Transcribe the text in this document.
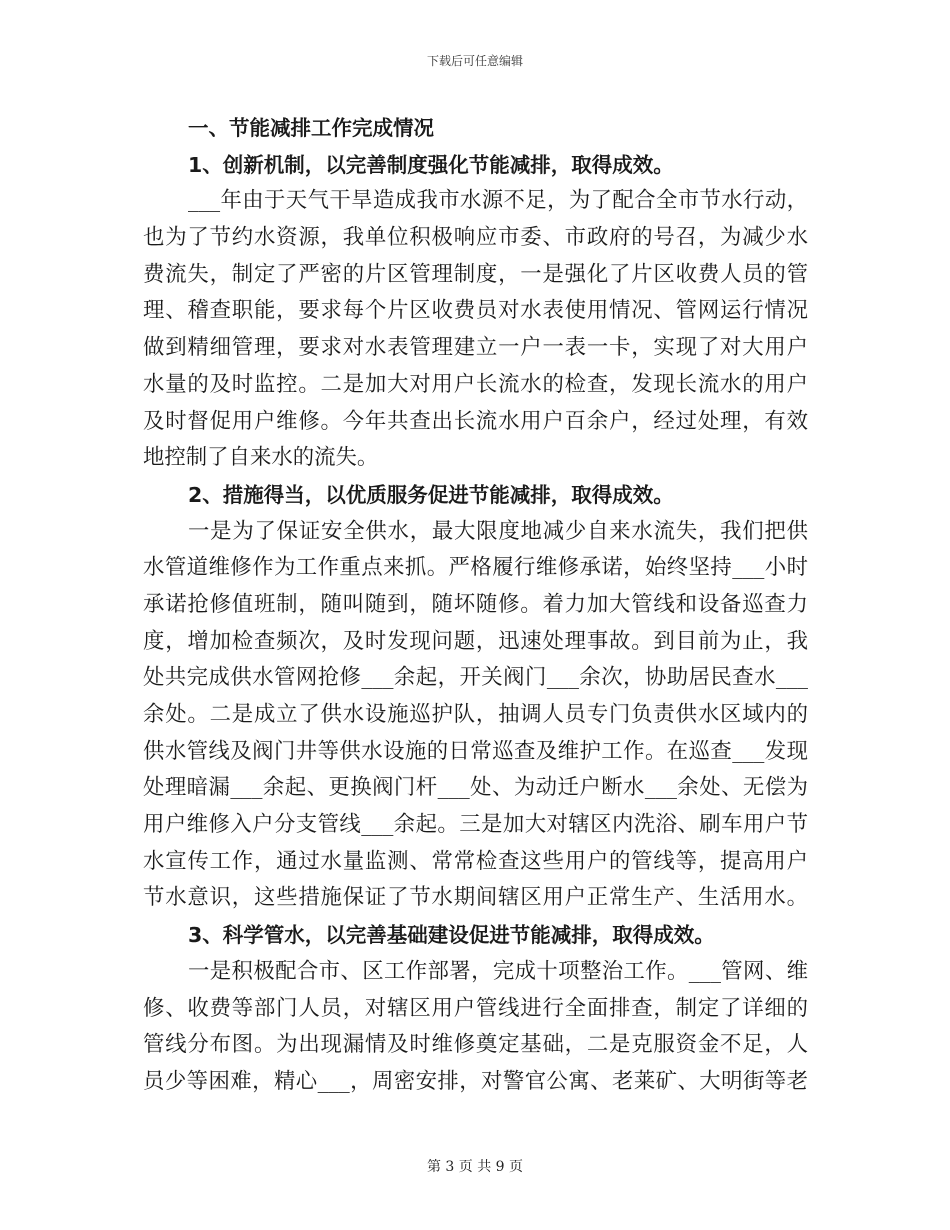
下载后可任意编辑
一、节能减排工作完成情况
1、创新机制，以完善制度强化节能减排，取得成效。
___年由于天气干旱造成我市水源不足，为了配合全市节水行动，
也为了节约水资源，我单位积极响应市委、市政府的号召，为减少水
费流失，制定了严密的片区管理制度，一是强化了片区收费人员的管
理、稽查职能，要求每个片区收费员对水表使用情况、管网运行情况
做到精细管理，要求对水表管理建立一户一表一卡，实现了对大用户
水量的及时监控。二是加大对用户长流水的检查，发现长流水的用户
及时督促用户维修。今年共查出长流水用户百余户，经过处理，有效
地控制了自来水的流失。
2、措施得当，以优质服务促进节能减排，取得成效。
一是为了保证安全供水，最大限度地减少自来水流失，我们把供
水管道维修作为工作重点来抓。严格履行维修承诺，始终坚持___小时
承诺抢修值班制，随叫随到，随坏随修。着力加大管线和设备巡查力
度，增加检查频次，及时发现问题，迅速处理事故。到目前为止，我
处共完成供水管网抢修___余起，开关阀门___余次，协助居民查水___
余处。二是成立了供水设施巡护队，抽调人员专门负责供水区域内的
供水管线及阀门井等供水设施的日常巡查及维护工作。在巡查___发现
处理暗漏___余起、更换阀门杆___处、为动迁户断水___余处、无偿为
用户维修入户分支管线___余起。三是加大对辖区内洗浴、刷车用户节
水宣传工作，通过水量监测、常常检查这些用户的管线等，提高用户
节水意识，这些措施保证了节水期间辖区用户正常生产、生活用水。
3、科学管水，以完善基础建设促进节能减排，取得成效。
一是积极配合市、区工作部署，完成十项整治工作。___管网、维
修、收费等部门人员，对辖区用户管线进行全面排查，制定了详细的
管线分布图。为出现漏情及时维修奠定基础，二是克服资金不足，人
员少等困难，精心___，周密安排，对警官公寓、老莱矿、大明街等老
第 3 页 共 9 页
